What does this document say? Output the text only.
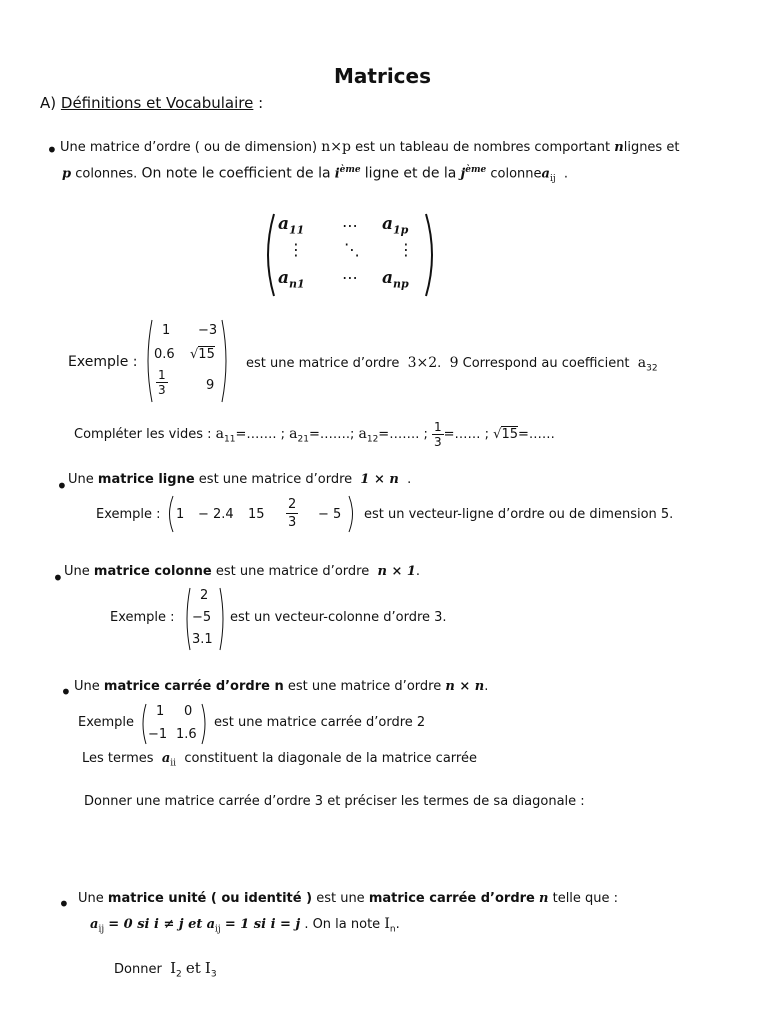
Matrices
A) Définitions et Vocabulaire :
• Une matrice d’ordre ( ou de dimension) n×p est un tableau de nombres comportant nlignes et
p colonnes. On note le coefficient de la $i^{ème}$ ligne et de la $j^{ème}$ colonnea$_{ij}$ .
$a_{11}$ ⋯ $a_{1p}$
⋮	⋱ ⋮
$a_{n1}$ ⋯ $a_{np}$
Exemple :
1 −3
0.6 √15
$\frac{1}{3}$	9
est une matrice d’ordre 3×2. 9 Correspond au coefficient $a_{32}$
Compléter les vides : $a_{11}=\dots\dots$. ; $a_{21}=\dots\dots$.; $a_{12}=\dots\dots$. ; $\frac{1}{3}$ =…… ; √15=……
• Une matrice ligne est une matrice d’ordre 1 × n .
Exemple : 1 − 2.4 $15 \frac{2}{3} - 5$ est un vecteur-ligne d’ordre ou de dimension 5.
• Une matrice colonne est une matrice d’ordre n × 1.
Exemple :
2
−5
3.1
est un vecteur-colonne d’ordre 3.
• Une matrice carrée d’ordre n est une matrice d’ordre n × n.
Exemple
1 0
−1 1.6
est une matrice carrée d’ordre 2
Les termes $a_{ii}$ constituent la diagonale de la matrice carrée
Donner une matrice carrée d’ordre 3 et préciser les termes de sa diagonale :
• Une matrice unité ( ou identité ) est une matrice carrée d’ordre n telle que :
$a_{ij} = 0$ si i ≠ j et $a_{ij} = 1$ si i = j . On la note $I_n$.
Donner $I_2$ et $I_3$
